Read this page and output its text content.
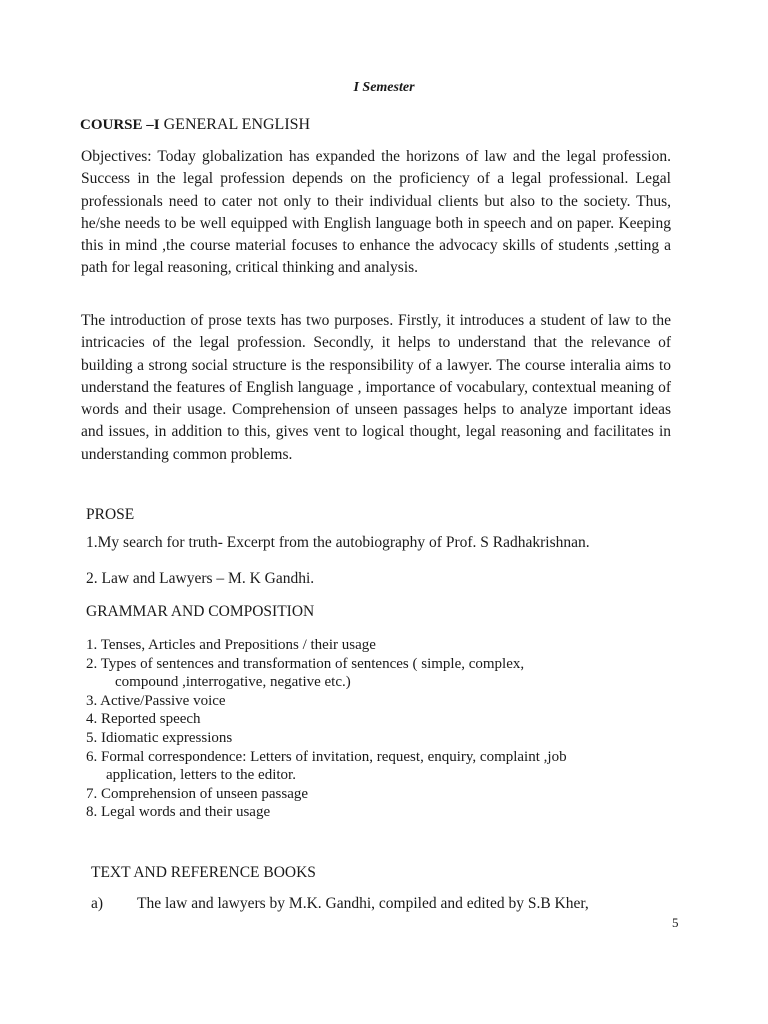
I Semester
COURSE –I GENERAL ENGLISH

Objectives: Today globalization has expanded the horizons of law and the legal profession. Success in the legal profession depends on the proficiency of a legal professional. Legal professionals need to cater not only to their individual clients but also to the society. Thus, he/she needs to be well equipped with English language both in speech and on paper. Keeping this in mind ,the course material focuses to enhance the advocacy skills of students ,setting a path for legal reasoning, critical thinking and analysis.

The introduction of prose texts has two purposes. Firstly, it introduces a student of law to the intricacies of the legal profession. Secondly, it helps to understand that the relevance of building a strong social structure is the responsibility of a lawyer. The course interalia aims to understand the features of English language , importance of vocabulary, contextual meaning of words and their usage. Comprehension of unseen passages helps to analyze important ideas and issues, in addition to this, gives vent to logical thought, legal reasoning and facilitates in understanding common problems.

PROSE
1.My search for truth- Excerpt from the autobiography of Prof. S Radhakrishnan.
2. Law and Lawyers – M. K Gandhi.
GRAMMAR AND COMPOSITION
1. Tenses, Articles and Prepositions / their usage
2. Types of sentences and transformation of sentences ( simple, complex,
compound ,interrogative, negative etc.)
3. Active/Passive voice
4. Reported speech
5. Idiomatic expressions
6. Formal correspondence: Letters of invitation, request, enquiry, complaint ,job
application, letters to the editor.
7. Comprehension of unseen passage
8. Legal words and their usage
TEXT AND REFERENCE BOOKS
a) The law and lawyers by M.K. Gandhi, compiled and edited by S.B Kher,
5
